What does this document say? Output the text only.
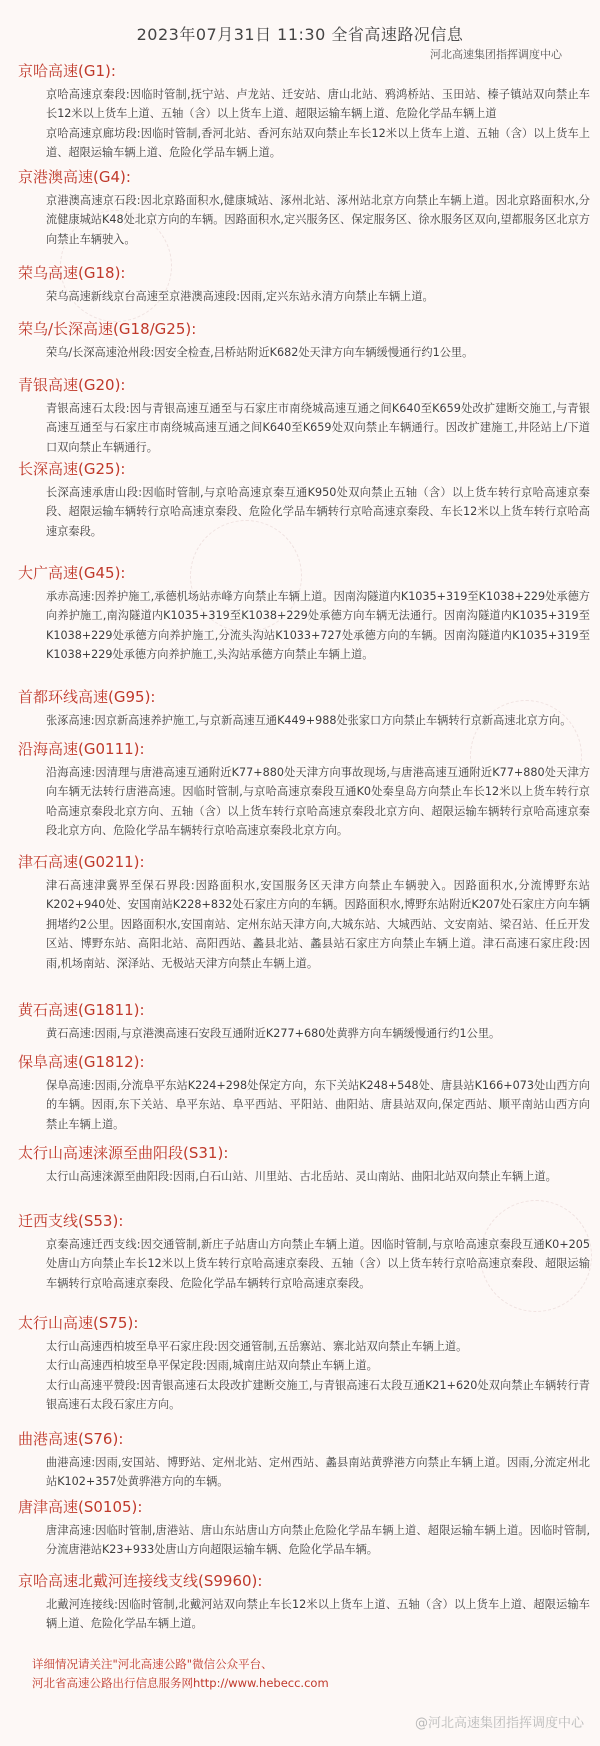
2023年07月31日 11:30 全省高速路况信息
河北高速集团指挥调度中心
京哈高速(G1):

京哈高速京秦段:因临时管制,抚宁站、卢龙站、迁安站、唐山北站、鸦鸿桥站、玉田站、榛子镇站双向禁止车长12米以上货车上道、五轴（含）以上货车上道、超限运输车辆上道、危险化学品车辆上道

京哈高速京廊坊段:因临时管制,香河北站、香河东站双向禁止车长12米以上货车上道、五轴（含）以上货车上道、超限运输车辆上道、危险化学品车辆上道。

京港澳高速(G4):

京港澳高速京石段:因北京路面积水,健康城站、涿州北站、涿州站北京方向禁止车辆上道。因北京路面积水,分流健康城站K48处北京方向的车辆。因路面积水,定兴服务区、保定服务区、徐水服务区双向,望都服务区北京方向禁止车辆驶入。

荣乌高速(G18):

荣乌高速新线京台高速至京港澳高速段:因雨,定兴东站永清方向禁止车辆上道。

荣乌/长深高速(G18/G25):

荣乌/长深高速沧州段:因安全检查,吕桥站附近K682处天津方向车辆缓慢通行约1公里。

青银高速(G20):

青银高速石太段:因与青银高速互通至与石家庄市南绕城高速互通之间K640至K659处改扩建断交施工,与青银高速互通至与石家庄市南绕城高速互通之间K640至K659处双向禁止车辆通行。因改扩建施工,井陉站上/下道口双向禁止车辆通行。

长深高速(G25):

长深高速承唐山段:因临时管制,与京哈高速京秦互通K950处双向禁止五轴（含）以上货车转行京哈高速京秦段、超限运输车辆转行京哈高速京秦段、危险化学品车辆转行京哈高速京秦段、车长12米以上货车转行京哈高速京秦段。

大广高速(G45):

承赤高速:因养护施工,承德机场站赤峰方向禁止车辆上道。因南沟隧道内K1035+319至K1038+229处承德方向养护施工,南沟隧道内K1035+319至K1038+229处承德方向车辆无法通行。因南沟隧道内K1035+319至K1038+229处承德方向养护施工,分流头沟站K1033+727处承德方向的车辆。因南沟隧道内K1035+319至K1038+229处承德方向养护施工,头沟站承德方向禁止车辆上道。

首都环线高速(G95):

张涿高速:因京新高速养护施工,与京新高速互通K449+988处张家口方向禁止车辆转行京新高速北京方向。

沿海高速(G0111):

沿海高速:因清理与唐港高速互通附近K77+880处天津方向事故现场,与唐港高速互通附近K77+880处天津方向车辆无法转行唐港高速。因临时管制,与京哈高速京秦段互通K0处秦皇岛方向禁止车长12米以上货车转行京哈高速京秦段北京方向、五轴（含）以上货车转行京哈高速京秦段北京方向、超限运输车辆转行京哈高速京秦段北京方向、危险化学品车辆转行京哈高速京秦段北京方向。

津石高速(G0211):

津石高速津冀界至保石界段:因路面积水,安国服务区天津方向禁止车辆驶入。因路面积水,分流博野东站K202+940处、安国南站K228+832处石家庄方向的车辆。因路面积水,博野东站附近K207处石家庄方向车辆拥堵约2公里。因路面积水,安国南站、定州东站天津方向,大城东站、大城西站、文安南站、梁召站、任丘开发区站、博野东站、高阳北站、高阳西站、蠡县北站、蠡县站石家庄方向禁止车辆上道。津石高速石家庄段:因雨,机场南站、深泽站、无极站天津方向禁止车辆上道。

黄石高速(G1811):

黄石高速:因雨,与京港澳高速石安段互通附近K277+680处黄骅方向车辆缓慢通行约1公里。

保阜高速(G1812):

保阜高速:因雨,分流阜平东站K224+298处保定方向，东下关站K248+548处、唐县站K166+073处山西方向的车辆。因雨,东下关站、阜平东站、阜平西站、平阳站、曲阳站、唐县站双向,保定西站、顺平南站山西方向禁止车辆上道。

太行山高速涞源至曲阳段(S31):

太行山高速涞源至曲阳段:因雨,白石山站、川里站、古北岳站、灵山南站、曲阳北站双向禁止车辆上道。

迁西支线(S53):

京秦高速迁西支线:因交通管制,新庄子站唐山方向禁止车辆上道。因临时管制,与京哈高速京秦段互通K0+205处唐山方向禁止车长12米以上货车转行京哈高速京秦段、五轴（含）以上货车转行京哈高速京秦段、超限运输车辆转行京哈高速京秦段、危险化学品车辆转行京哈高速京秦段。

太行山高速(S75):

太行山高速西柏坡至阜平石家庄段:因交通管制,五岳寨站、寨北站双向禁止车辆上道。

太行山高速西柏坡至阜平保定段:因雨,城南庄站双向禁止车辆上道。

太行山高速平赞段:因青银高速石太段改扩建断交施工,与青银高速石太段互通K21+620处双向禁止车辆转行青银高速石太段石家庄方向。

曲港高速(S76):

曲港高速:因雨,安国站、博野站、定州北站、定州西站、蠡县南站黄骅港方向禁止车辆上道。因雨,分流定州北站K102+357处黄骅港方向的车辆。

唐津高速(S0105):

唐津高速:因临时管制,唐港站、唐山东站唐山方向禁止危险化学品车辆上道、超限运输车辆上道。因临时管制,分流唐港站K23+933处唐山方向超限运输车辆、危险化学品车辆。

京哈高速北戴河连接线支线(S9960):

北戴河连接线:因临时管制,北戴河站双向禁止车长12米以上货车上道、五轴（含）以上货车上道、超限运输车辆上道、危险化学品车辆上道。

详细情况请关注"河北高速公路"微信公众平台、
河北省高速公路出行信息服务网http://www.hebecc.com
@河北高速集团指挥调度中心
